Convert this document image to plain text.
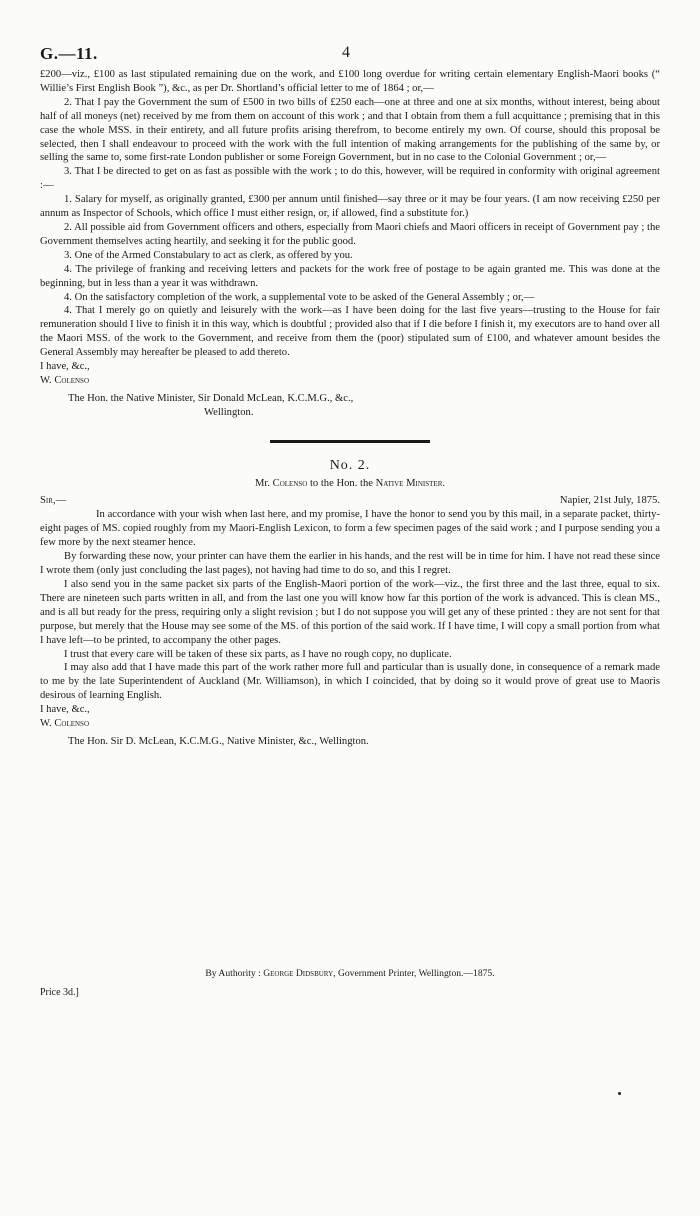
G.—11.	4

£200—viz., £100 as last stipulated remaining due on the work, and £100 long overdue for writing certain elementary English-Maori books (“ Willie’s First English Book ”), &c., as per Dr. Shortland’s official letter to me of 1864 ; or,—

2. That I pay the Government the sum of £500 in two bills of £250 each—one at three and one at six months, without interest, being about half of all moneys (net) received by me from them on account of this work ; and that I obtain from them a full acquittance ; premising that in this case the whole MSS. in their entirety, and all future profits arising therefrom, to become entirely my own. Of course, should this proposal be selected, then I shall endeavour to proceed with the work with the full intention of making arrangements for the publishing of the same by, or selling the same to, some first-rate London publisher or some Foreign Government, but in no case to the Colonial Government ; or,—

3. That I be directed to get on as fast as possible with the work ; to do this, however, will be required in conformity with original agreement :—

1. Salary for myself, as originally granted, £300 per annum until finished—say three or it may be four years. (I am now receiving £250 per annum as Inspector of Schools, which office I must either resign, or, if allowed, find a substitute for.)

2. All possible aid from Government officers and others, especially from Maori chiefs and Maori officers in receipt of Government pay ; the Government themselves acting heartily, and seeking it for the public good.

3. One of the Armed Constabulary to act as clerk, as offered by you.

4. The privilege of franking and receiving letters and packets for the work free of postage to be again granted me. This was done at the beginning, but in less than a year it was withdrawn.

4. On the satisfactory completion of the work, a supplemental vote to be asked of the General Assembly ; or,—

4. That I merely go on quietly and leisurely with the work—as I have been doing for the last five years—trusting to the House for fair remuneration should I live to finish it in this way, which is doubtful ; provided also that if I die before I finish it, my executors are to hand over all the Maori MSS. of the work to the Government, and receive from them the (poor) stipulated sum of £100, and whatever amount besides the General Assembly may hereafter be pleased to add thereto.

I have, &c.,

W. Colenso

The Hon. the Native Minister, Sir Donald McLean, K.C.M.G., &c.,

Wellington.

No. 2.

Mr. Colenso to the Hon. the Native Minister.

Sir,—	Napier, 21st July, 1875.

In accordance with your wish when last here, and my promise, I have the honor to send you by this mail, in a separate packet, thirty-eight pages of MS. copied roughly from my Maori-English Lexicon, to form a few specimen pages of the said work ; and I purpose sending you a few more by the next steamer hence.

By forwarding these now, your printer can have them the earlier in his hands, and the rest will be in time for him. I have not read these since I wrote them (only just concluding the last pages), not having had time to do so, and this I regret.

I also send you in the same packet six parts of the English-Maori portion of the work—viz., the first three and the last three, equal to six. There are nineteen such parts written in all, and from the last one you will know how far this portion of the work is advanced. This is clean MS., and is all but ready for the press, requiring only a slight revision ; but I do not suppose you will get any of these printed : they are not sent for that purpose, but merely that the House may see some of the MS. of this portion of the said work. If I have time, I will copy a small portion from what I have left—to be printed, to accompany the other pages.

I trust that every care will be taken of these six parts, as I have no rough copy, no duplicate.

I may also add that I have made this part of the work rather more full and particular than is usually done, in consequence of a remark made to me by the late Superintendent of Auckland (Mr. Williamson), in which I coincided, that by doing so it would prove of great use to Maoris desirous of learning English.

I have, &c.,

W. Colenso

The Hon. Sir D. McLean, K.C.M.G., Native Minister, &c., Wellington.

By Authority : George Didsbury, Government Printer, Wellington.—1875.
Price 3d.]
